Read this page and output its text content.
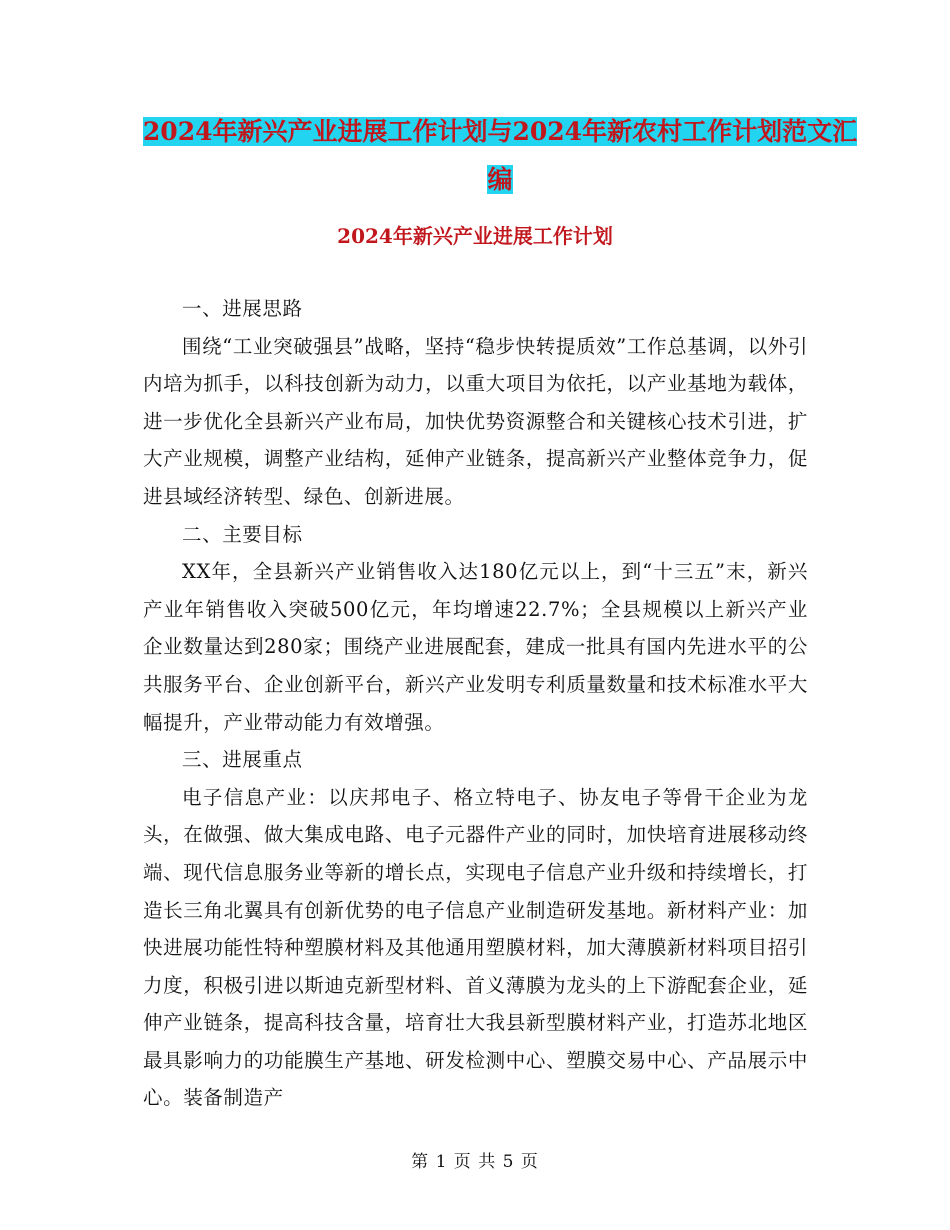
2024年新兴产业进展工作计划与2024年新农村工作计划范文汇编
2024年新兴产业进展工作计划

一、进展思路

围绕“工业突破强县”战略，坚持“稳步快转提质效”工作总基调，以外引内培为抓手，以科技创新为动力，以重大项目为依托，以产业基地为载体，进一步优化全县新兴产业布局，加快优势资源整合和关键核心技术引进，扩大产业规模，调整产业结构，延伸产业链条，提高新兴产业整体竞争力，促进县域经济转型、绿色、创新进展。

二、主要目标

XX年，全县新兴产业销售收入达180亿元以上，到“十三五”末，新兴产业年销售收入突破500亿元，年均增速22.7%；全县规模以上新兴产业企业数量达到280家；围绕产业进展配套，建成一批具有国内先进水平的公共服务平台、企业创新平台，新兴产业发明专利质量数量和技术标准水平大幅提升，产业带动能力有效增强。

三、进展重点

电子信息产业：以庆邦电子、格立特电子、协友电子等骨干企业为龙头，在做强、做大集成电路、电子元器件产业的同时，加快培育进展移动终端、现代信息服务业等新的增长点，实现电子信息产业升级和持续增长，打造长三角北翼具有创新优势的电子信息产业制造研发基地。新材料产业：加快进展功能性特种塑膜材料及其他通用塑膜材料，加大薄膜新材料项目招引力度，积极引进以斯迪克新型材料、首义薄膜为龙头的上下游配套企业，延伸产业链条，提高科技含量，培育壮大我县新型膜材料产业，打造苏北地区最具影响力的功能膜生产基地、研发检测中心、塑膜交易中心、产品展示中心。装备制造产

第 1 页 共 5 页
